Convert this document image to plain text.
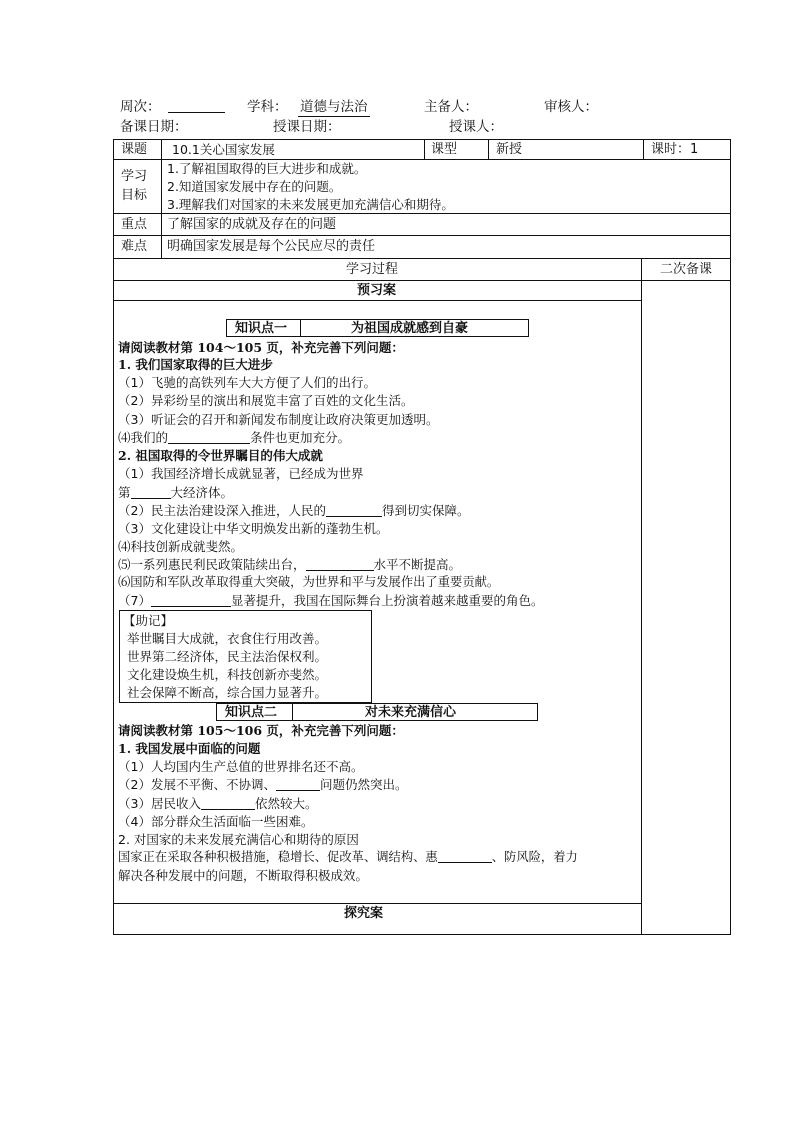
周次：	学科： 道德与法治	主备人：	审核人：
备课日期：	授课日期：	授课人：
课题 10.1关心国家发展	课型	新授	课时：1
学习
目标
1.了解祖国取得的巨大进步和成就。
2.知道国家发展中存在的问题。
3.理解我们对国家的未来发展更加充满信心和期待。
重点 了解国家的成就及存在的问题
难点 明确国家发展是每个公民应尽的责任
学习过程	二次备课
预习案
知识点一	为祖国成就感到自豪
请阅读教材第 104～105 页，补充完善下列问题：
1. 我们国家取得的巨大进步
（1）飞驰的高铁列车大大方便了人们的出行。
（2）异彩纷呈的演出和展览丰富了百姓的文化生活。
（3）听证会的召开和新闻发布制度让政府决策更加透明。
⑷我们的	条件也更加充分。
2. 祖国取得的令世界瞩目的伟大成就
（1）我国经济增长成就显著，已经成为世界
第	大经济体。
（2）民主法治建设深入推进，人民的	得到切实保障。
（3）文化建设让中华文明焕发出新的蓬勃生机。
⑷科技创新成就斐然。
⑸一系列惠民利民政策陆续出台，	水平不断提高。
⑹国防和军队改革取得重大突破，为世界和平与发展作出了重要贡献。
（7）	显著提升，我国在国际舞台上扮演着越来越重要的角色。
【助记】
举世瞩目大成就，衣食住行用改善。
世界第二经济体，民主法治保权利。
文化建设焕生机，科技创新亦斐然。
社会保障不断高，综合国力显著升。
知识点二	对未来充满信心
请阅读教材第 105～106 页，补充完善下列问题：
1. 我国发展中面临的问题
（1）人均国内生产总值的世界排名还不高。
（2）发展不平衡、不协调、	问题仍然突出。
（3）居民收入	依然较大。
（4）部分群众生活面临一些困难。
2. 对国家的未来发展充满信心和期待的原因
国家正在采取各种积极措施，稳增长、促改革、调结构、惠	、防风险，着力
解决各种发展中的问题，不断取得积极成效。
探究案
